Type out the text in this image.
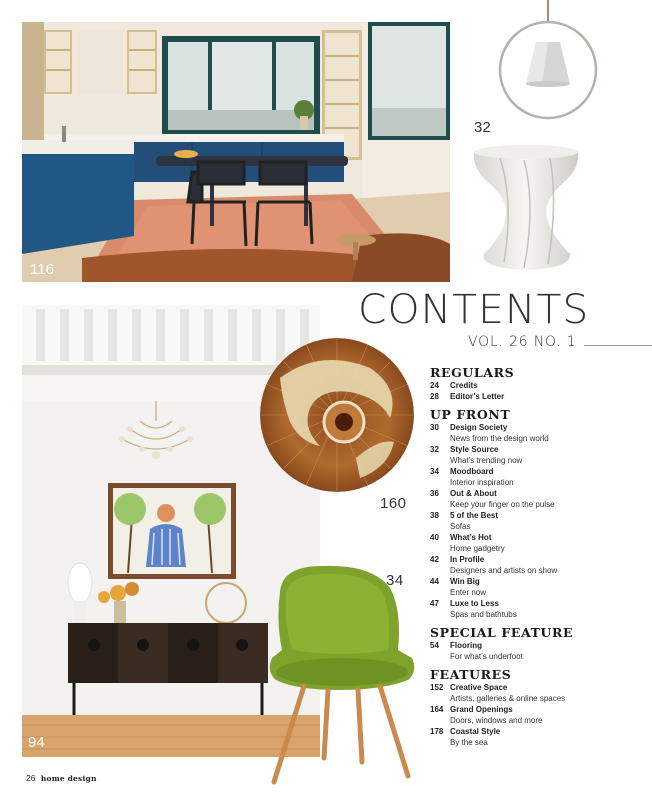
116
32
CONTENTS
VOL. 26 NO. 1
94
160
34
REGULARS
24	Credits
28	Editor’s Letter
UP FRONT
30	Design Society
News from the design world
32	Style Source
What’s trending now
34	Moodboard
Interior inspiration
36	Out & About
Keep your finger on the pulse
38	5 of the Best
Sofas
40	What’s Hot
Home gadgetry
42	In Profile
Designers and artists on show
44	Win Big
Enter now
47	Luxe to Less
Spas and bathtubs
SPECIAL FEATURE
54	Flooring
For what’s underfoot
FEATURES
152 Creative Space
Artists, galleries & online spaces
164 Grand Openings
Doors, windows and more
178 Coastal Style
By the sea
26 home design
